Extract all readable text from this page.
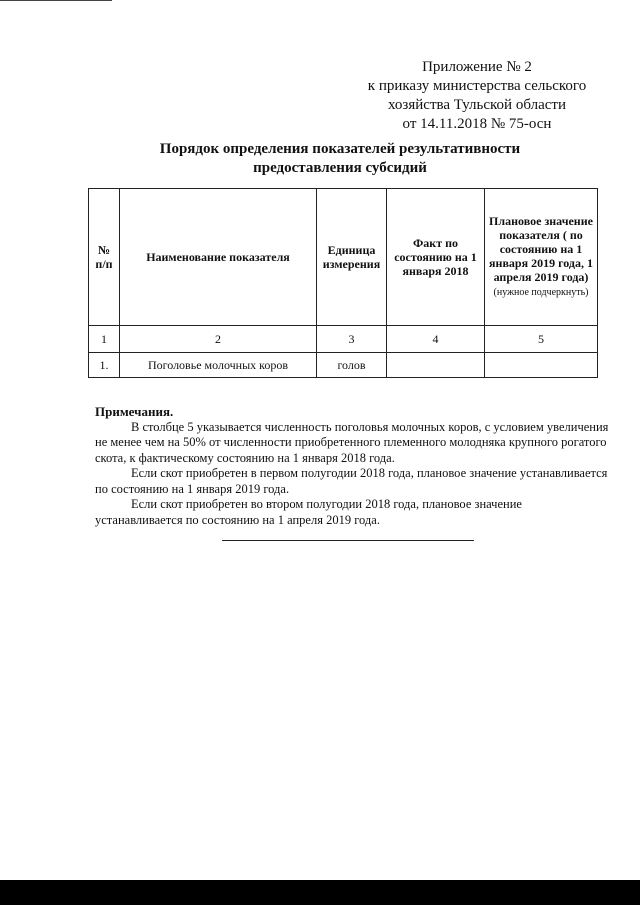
Приложение № 2
к приказу министерства сельского
хозяйства Тульской области
от 14.11.2018 № 75-осн
Порядок определения показателей результативности
предоставления субсидий
№ п/п	Наименование показателя	Единица измерения	Факт по состоянию на 1 января 2018	Плановое значение показателя ( по состоянию на 1 января 2019 года, 1 апреля 2019 года)
(нужное подчеркнуть)
1	2	3	4	5
1.	Поголовье молочных коров	голов		
Примечания.

В столбце 5 указывается численность поголовья молочных коров, с условием увеличения не менее чем на 50% от численности приобретенного племенного молодняка крупного рогатого скота, к фактическому состоянию на 1 января 2018 года.

Если скот приобретен в первом полугодии 2018 года, плановое значение устанавливается по состоянию на 1 января 2019 года.

Если скот приобретен во втором полугодии 2018 года, плановое значение устанавливается по состоянию на 1 апреля 2019 года.
